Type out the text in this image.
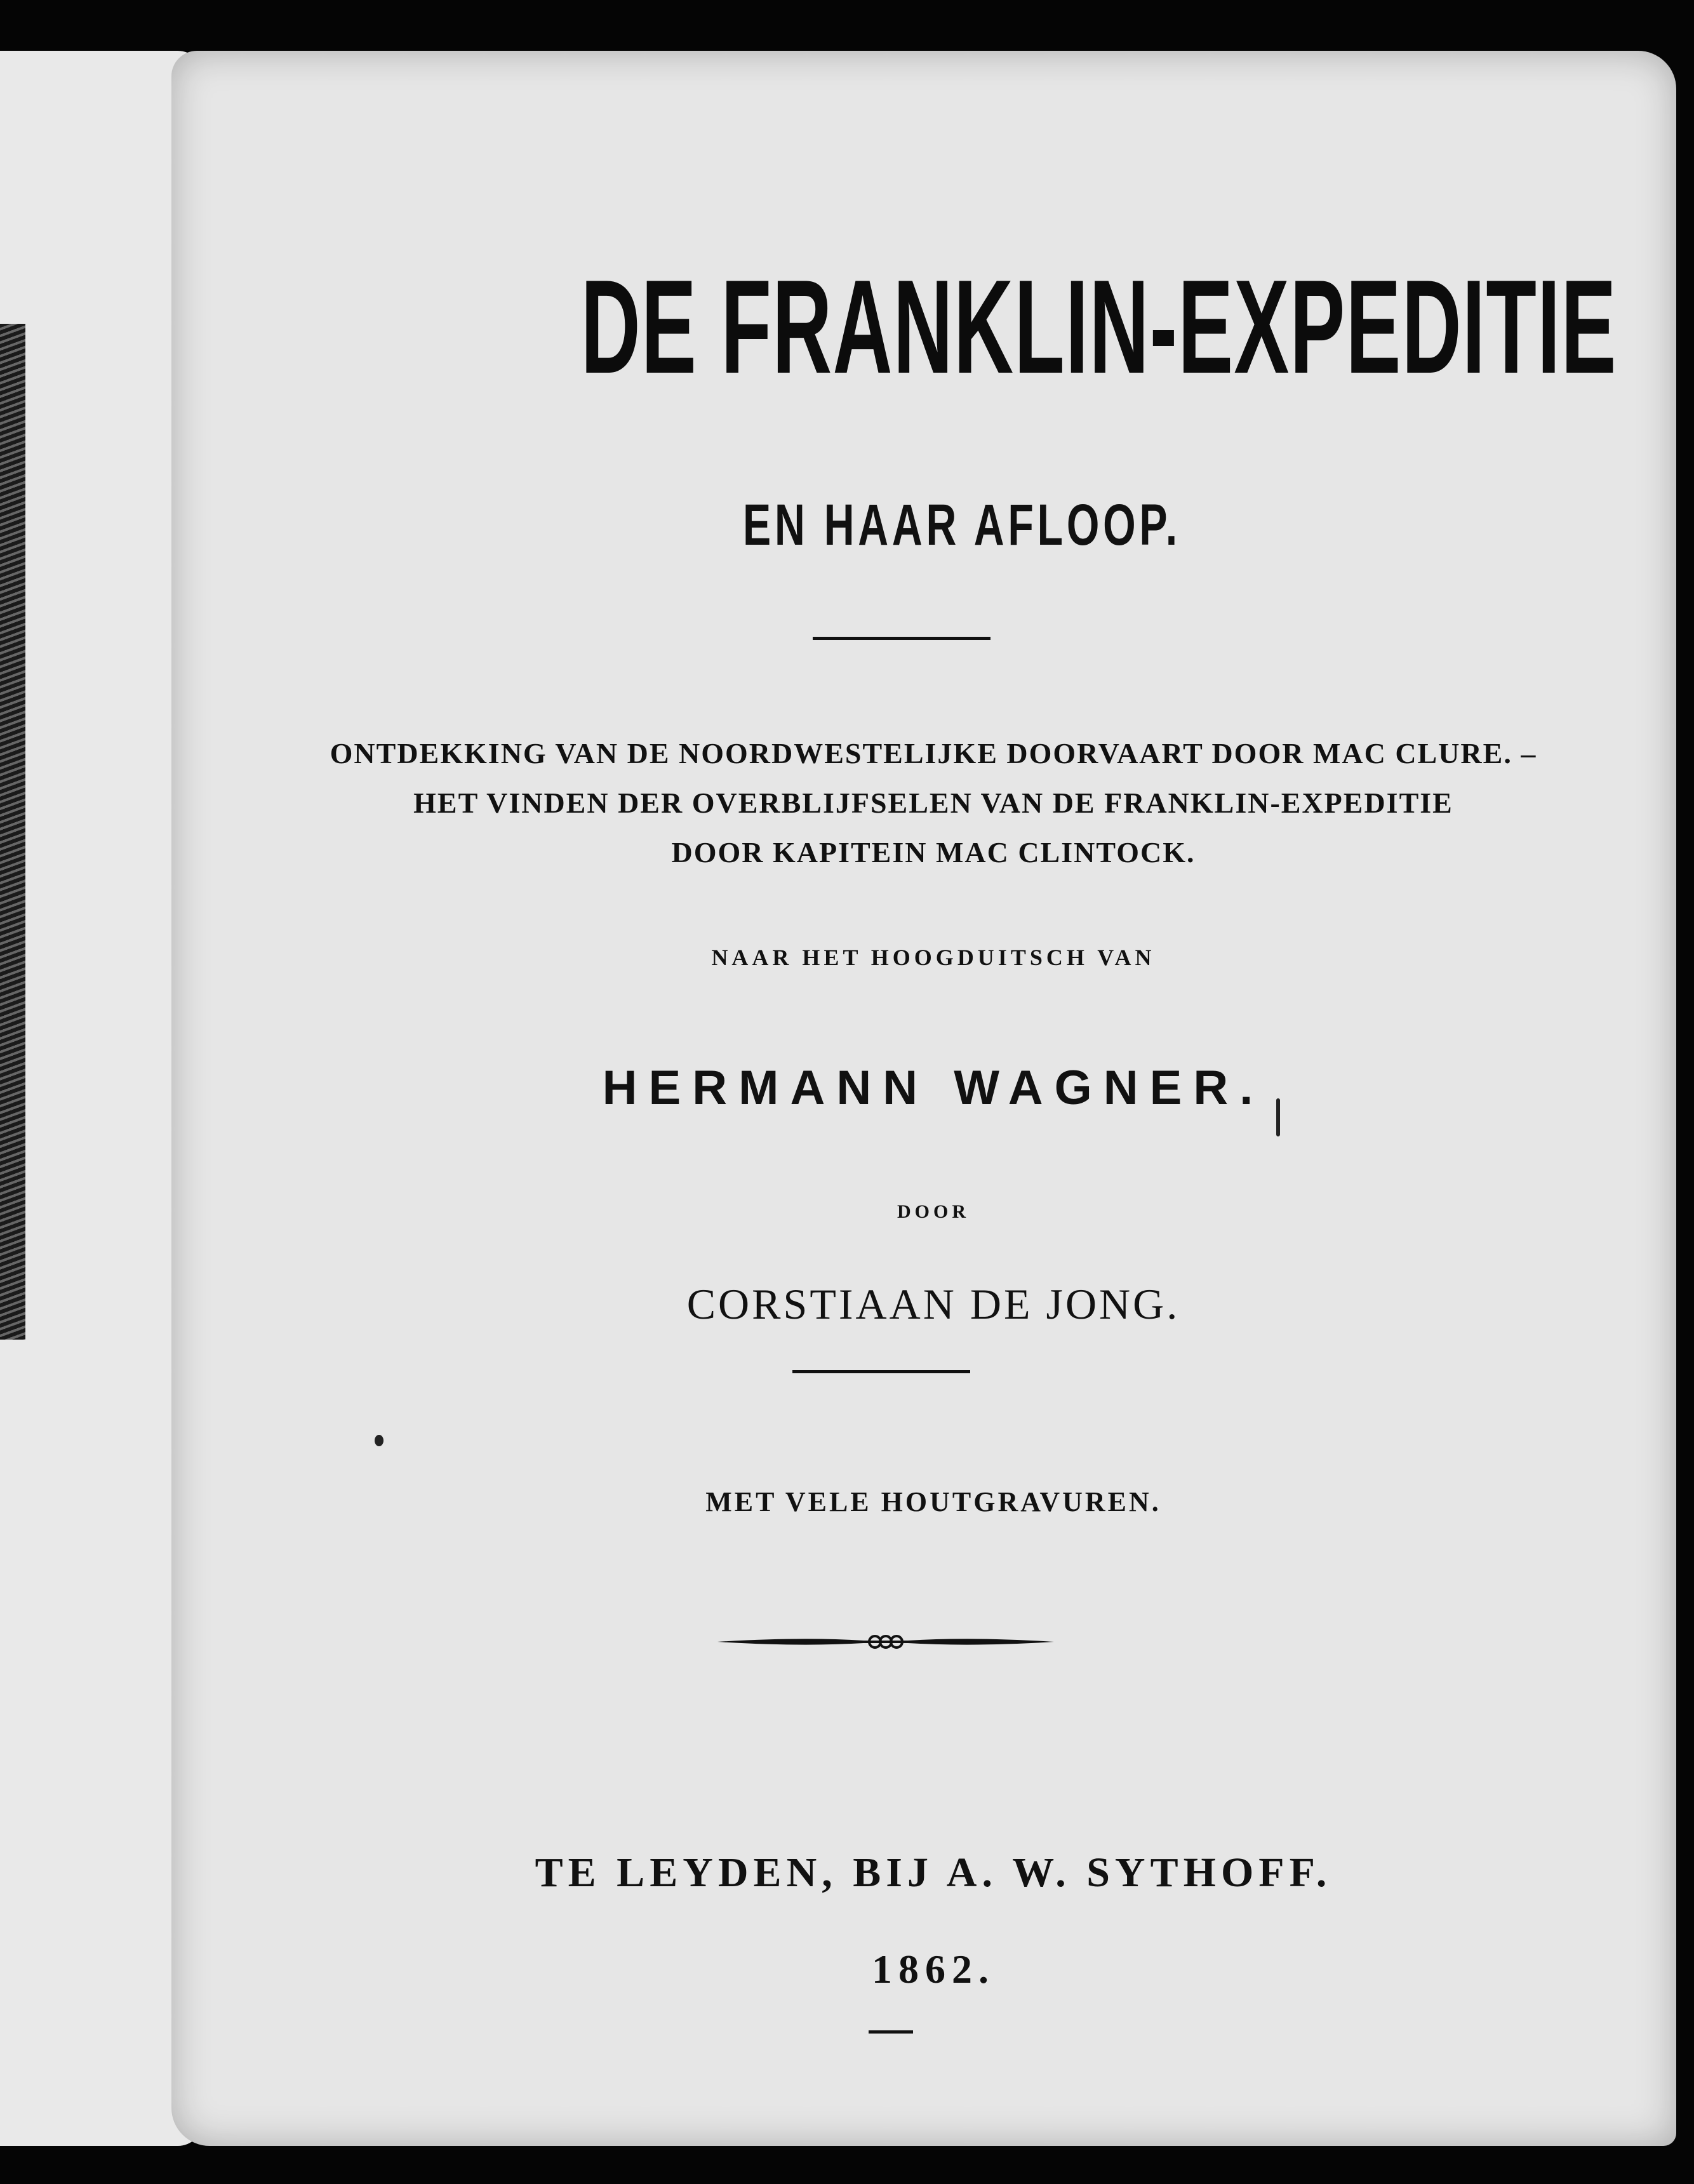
DE FRANKLIN-EXPEDITIE
EN HAAR AFLOOP.
ONTDEKKING VAN DE NOORDWESTELIJKE DOORVAART DOOR MAC CLURE. –
HET VINDEN DER OVERBLIJFSELEN VAN DE FRANKLIN-EXPEDITIE
DOOR KAPITEIN MAC CLINTOCK.
NAAR HET HOOGDUITSCH VAN
HERMANN WAGNER.
DOOR
CORSTIAAN DE JONG.
MET VELE HOUTGRAVUREN.
TE LEYDEN, BIJ A. W. SYTHOFF.
1862.
